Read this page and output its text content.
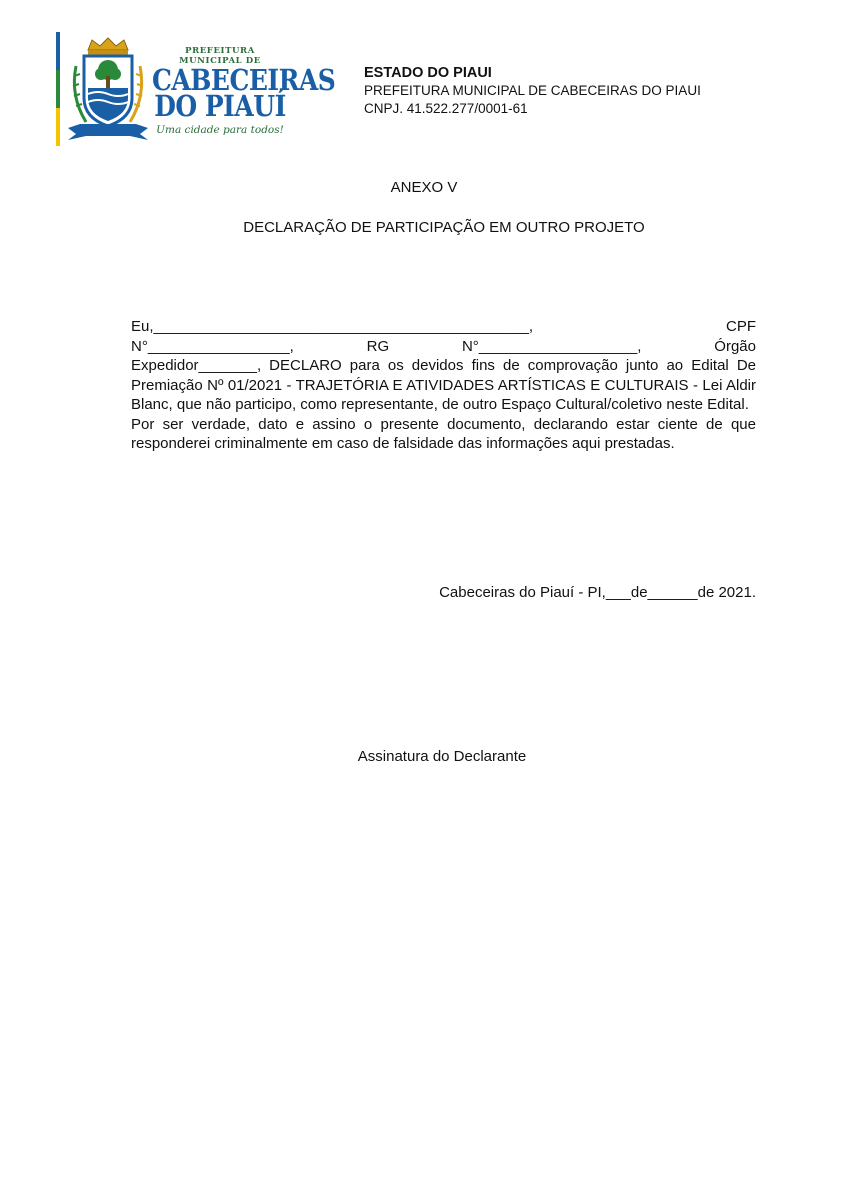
PREFEITURA MUNICIPAL DE
CABECEIRAS
DO PIAUÍ
Uma cidade para todos!
ESTADO DO PIAUI
PREFEITURA MUNICIPAL DE CABECEIRAS DO PIAUI
CNPJ. 41.522.277/0001-61
ANEXO V
DECLARAÇÃO DE PARTICIPAÇÃO EM OUTRO PROJETO
Eu,_____________________________________________,	CPF
N°_________________,	RG	N°___________________,	Órgão

Expedidor_______, DECLARO para os devidos fins de comprovação junto ao Edital De Premiação Nº 01/2021 - TRAJETÓRIA E ATIVIDADES ARTÍSTICAS E CULTURAIS - Lei Aldir Blanc, que não participo, como representante, de outro Espaço Cultural/coletivo neste Edital.

Por ser verdade, dato e assino o presente documento, declarando estar ciente de que responderei criminalmente em caso de falsidade das informações aqui prestadas.

Cabeceiras do Piauí - PI,___de______de 2021.
Assinatura do Declarante
